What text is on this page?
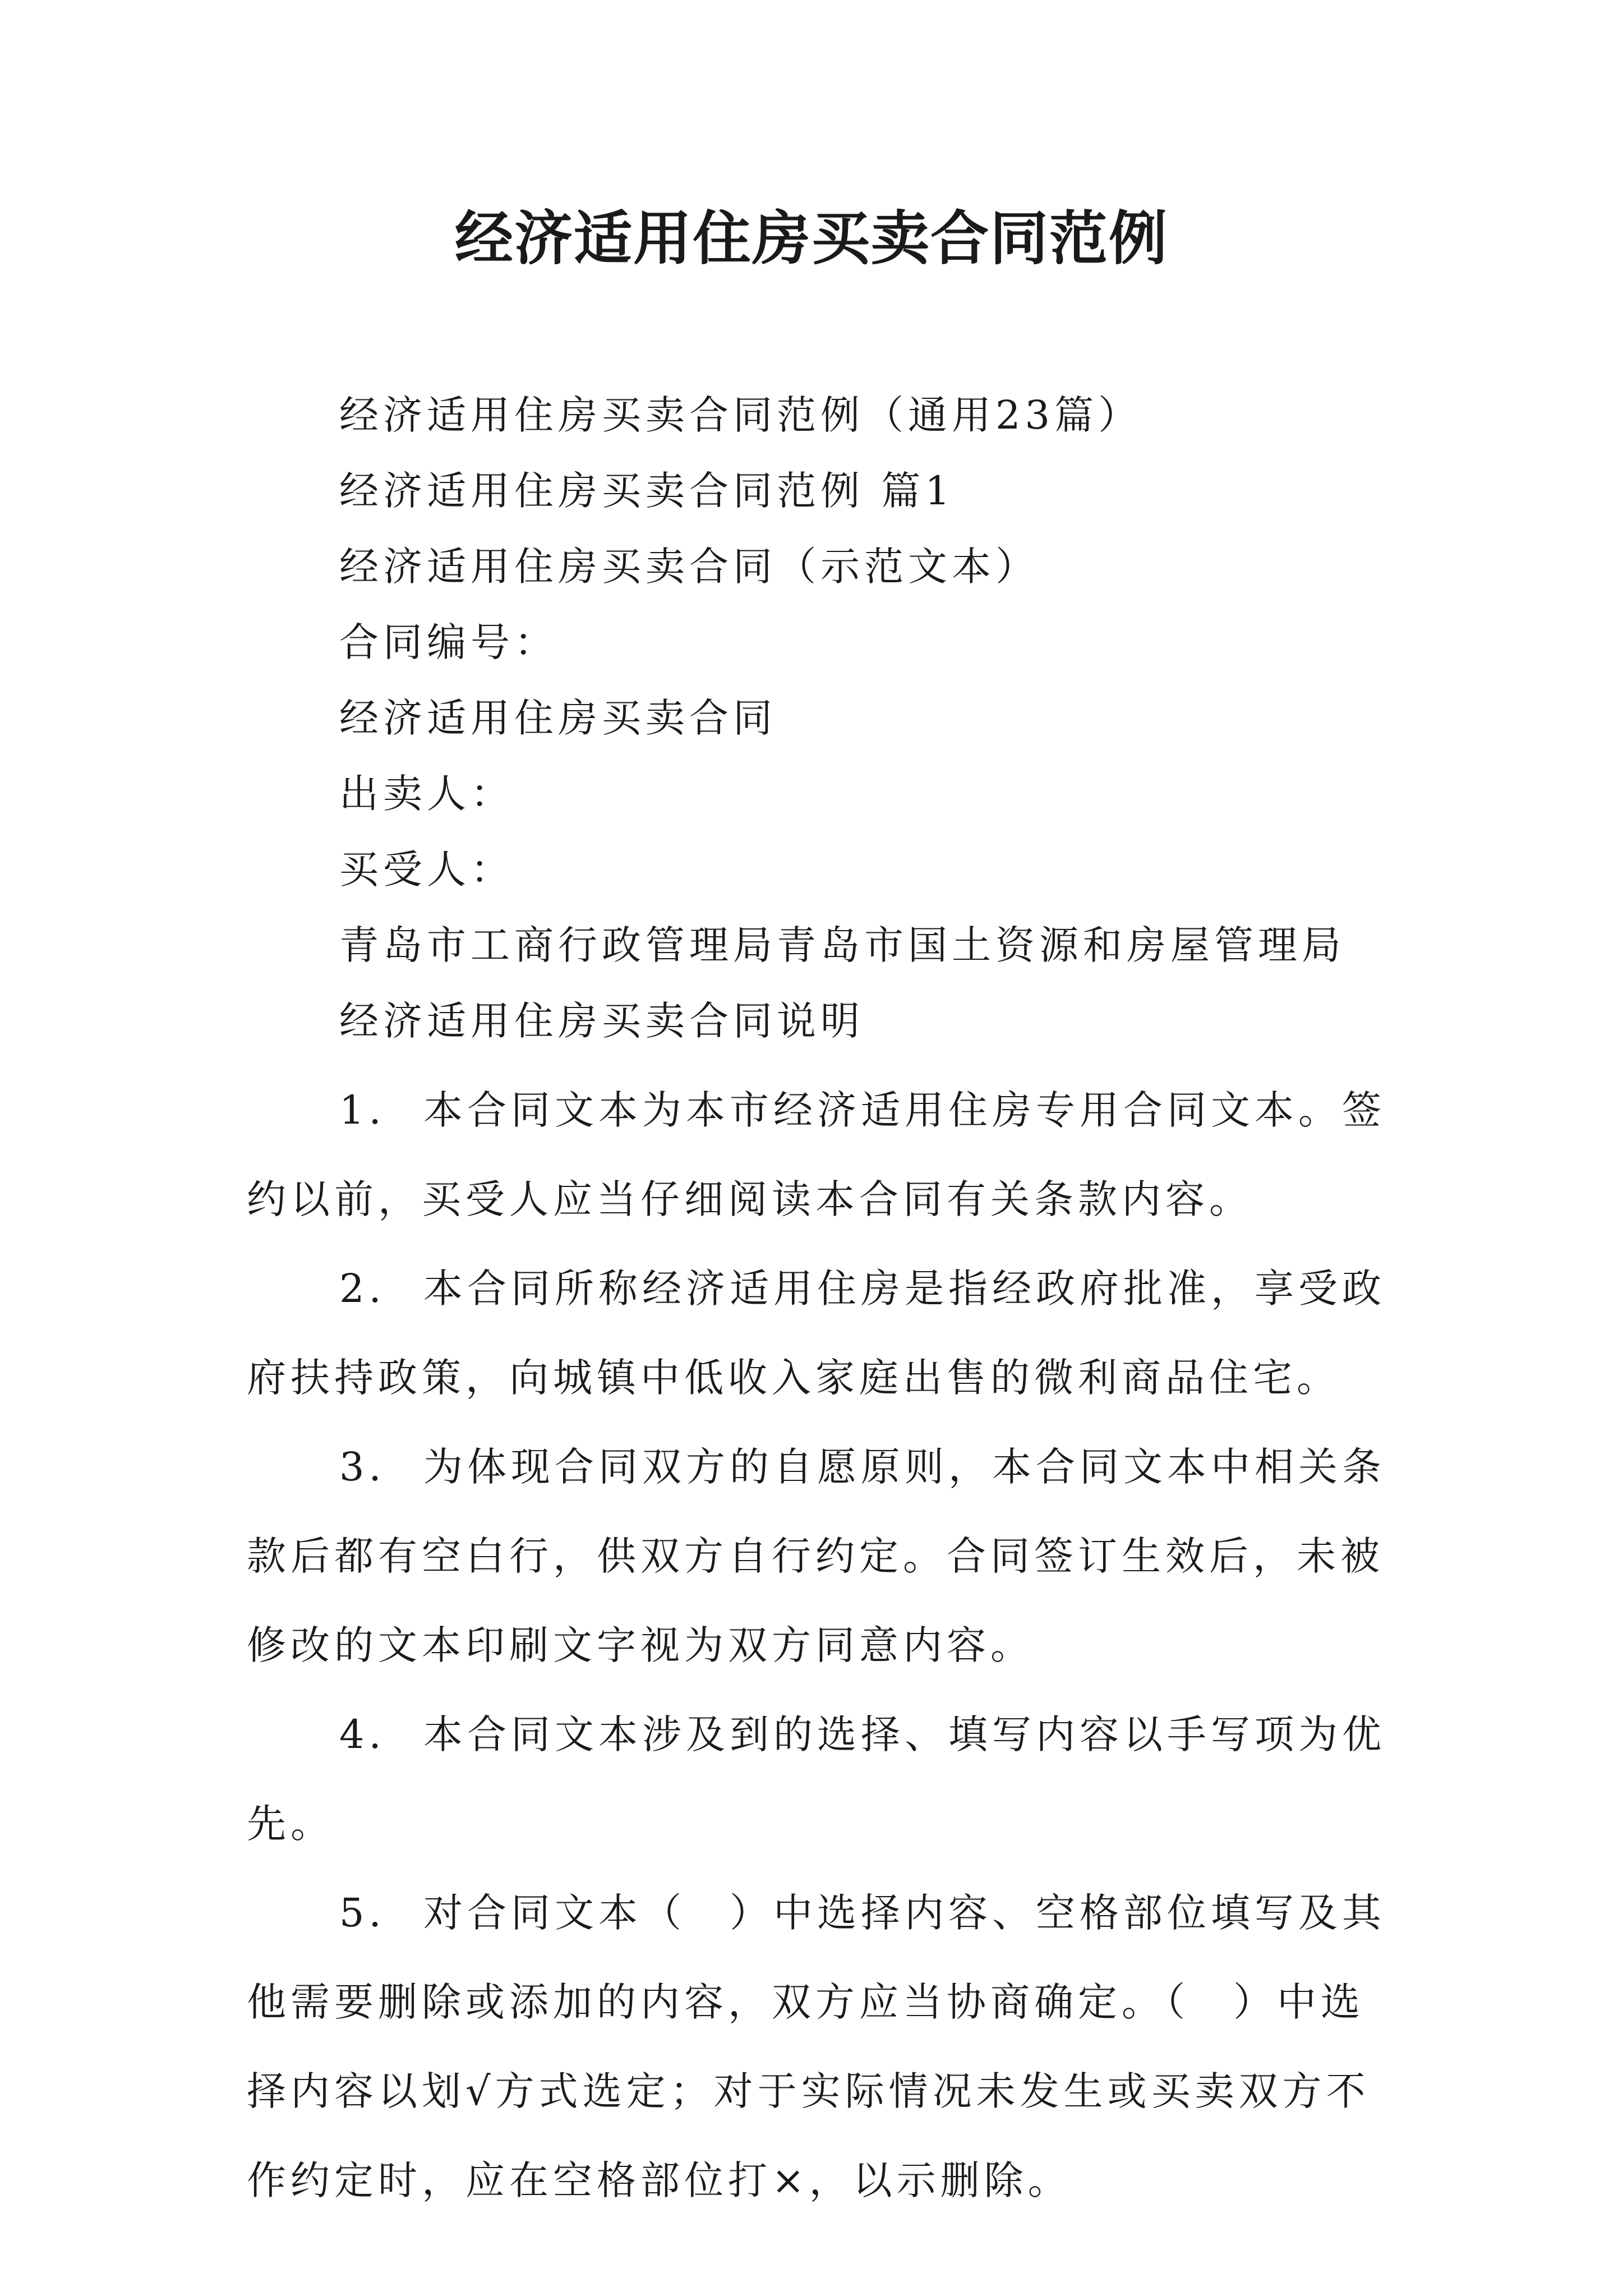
经济适用住房买卖合同范例
经济适用住房买卖合同范例（通用23篇）
经济适用住房买卖合同范例 篇1
经济适用住房买卖合同（示范文本）
合同编号：
经济适用住房买卖合同
出卖人：
买受人：
青岛市工商行政管理局青岛市国土资源和房屋管理局
经济适用住房买卖合同说明
1. 本合同文本为本市经济适用住房专用合同文本。签
约以前，买受人应当仔细阅读本合同有关条款内容。
2. 本合同所称经济适用住房是指经政府批准，享受政
府扶持政策，向城镇中低收入家庭出售的微利商品住宅。
3. 为体现合同双方的自愿原则，本合同文本中相关条
款后都有空白行，供双方自行约定。合同签订生效后，未被
修改的文本印刷文字视为双方同意内容。
4. 本合同文本涉及到的选择、填写内容以手写项为优
先。
5. 对合同文本（　）中选择内容、空格部位填写及其
他需要删除或添加的内容，双方应当协商确定。（　）中选
择内容以划√方式选定；对于实际情况未发生或买卖双方不
作约定时，应在空格部位打×，以示删除。
